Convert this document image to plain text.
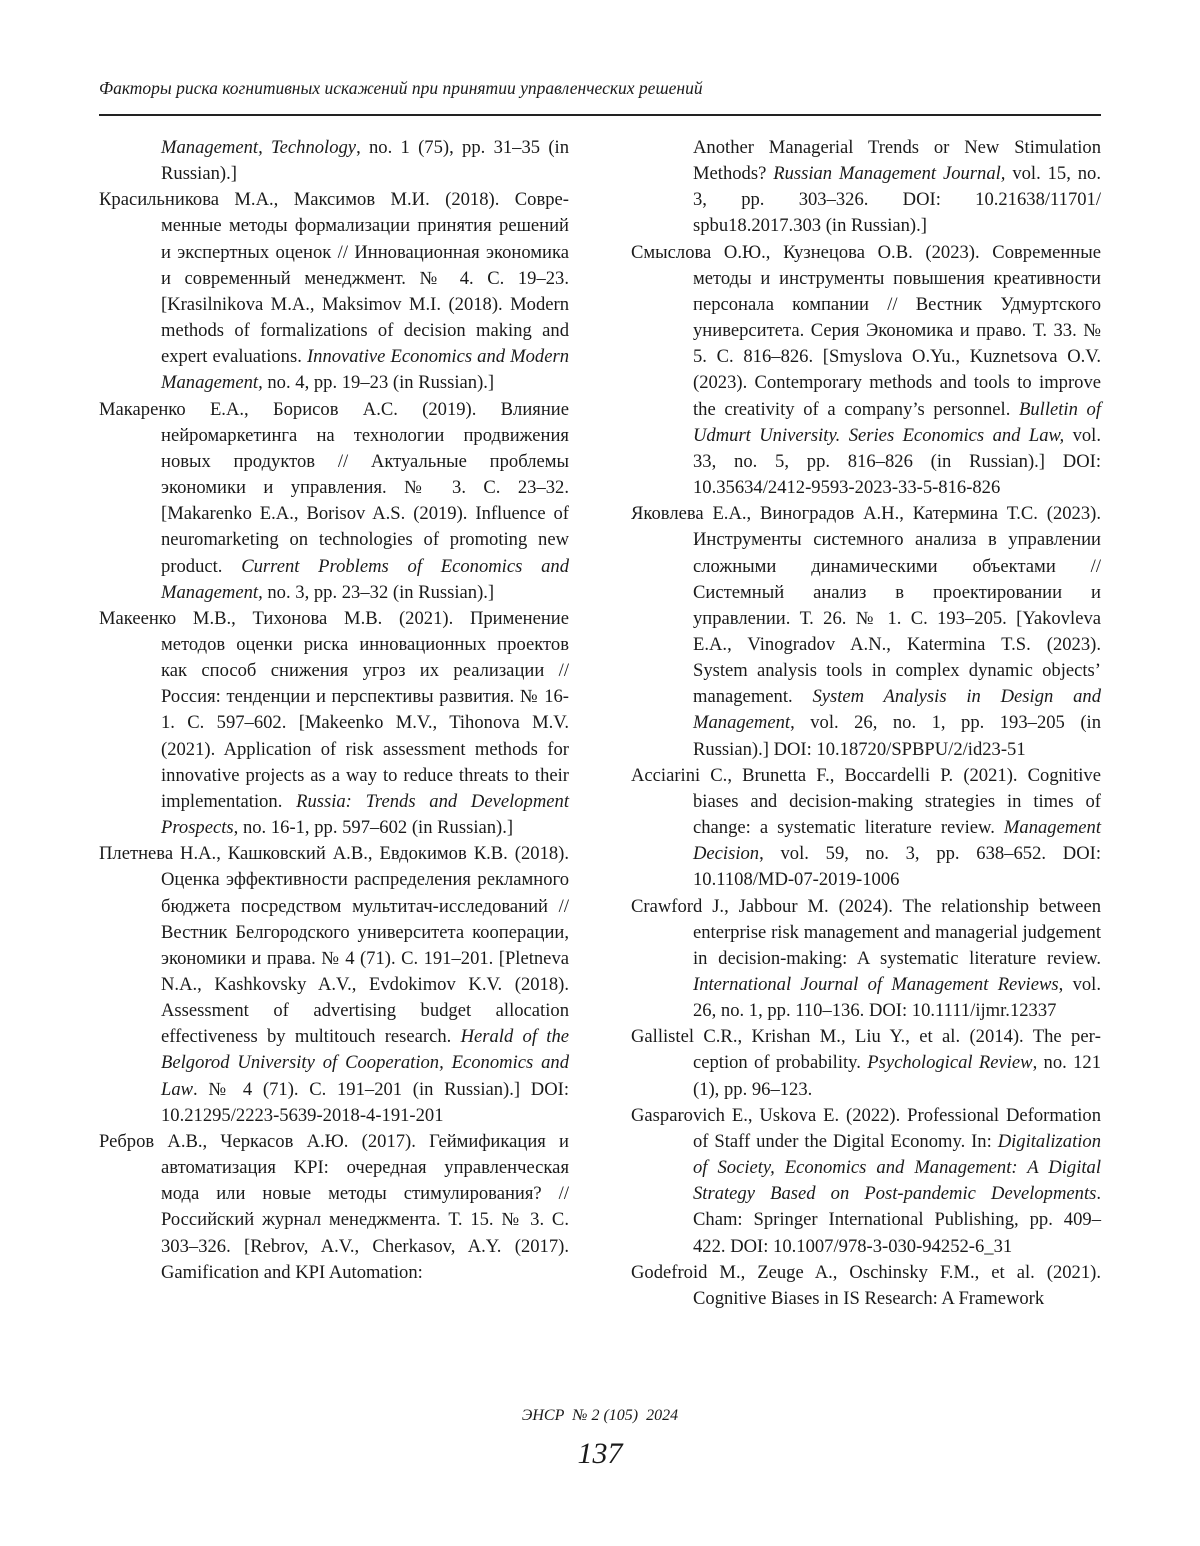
Факторы риска когнитивных искажений при принятии управленческих решений

Management, Technology, no. 1 (75), pp. 31–35 (in Russian).]

Красильникова М.А., Максимов М.И. (2018). Совре­менные методы формализации принятия ре­шений и экспертных оценок // Инновационная экономика и современный менеджмент. № 4. С. 19–23. [Krasilnikova M.A., Maksimov M.I. (2018). Modern methods of formalizations of de­cision making and expert evaluations. Innovative Economics and Modern Management, no. 4, pp. 19–23 (in Russian).]

Макаренко Е.А., Борисов А.С. (2019). Влияние нейромаркетинга на технологии продвиже­ния новых продуктов // Актуальные пробле­мы экономики и управления. № 3. С. 23–32. [Makarenko E.A., Borisov A.S. (2019). Influence of neuromarketing on technologies of promoting new product. Current Problems of Economics and Management, no. 3, pp. 23–32 (in Russian).]

Макеенко М.В., Тихонова М.В. (2021). Примене­ние методов оценки риска инновационных проектов как способ снижения угроз их ре­ализации // Россия: тенденции и перспекти­вы развития. № 16-1. С. 597–602. [Makeen­ko M.V., Tihonova M.V. (2021). Application of risk assessment methods for innovative projects as a way to reduce threats to their implementa­tion. Russia: Trends and Development Prospects, no. 16-1, pp. 597–602 (in Russian).]

Плетнева Н.А., Кашковский А.В., Евдокимов К.В. (2018). Оценка эффективности распределения рекламного бюджета посредством мульти­тач-исследований // Вестник Белгородского университета кооперации, экономики и права. № 4 (71). С. 191–201. [Pletneva N.A., Kashk­ovsky A.V., Evdokimov K.V. (2018). Assessment of advertising budget allocation effectiveness by multitouch research. Herald of the Belgo­rod University of Cooperation, Economics and Law. № 4 (71). С. 191–201 (in Russian).] DOI: 10.21295/2223-5639-2018-4-191-201

Ребров А.В., Черкасов А.Ю. (2017). Геймификация и автоматизация KPI: очередная управлен­ческая мода или новые методы стимулиро­вания? // Российский журнал менеджмента. Т. 15. № 3. С. 303–326. [Rebrov, A.V., Cherkasov, A.Y. (2017). Gamification and KPI Automation:

Another Managerial Trends or New Stimulation Methods? Russian Management Journal, vol. 15, no. 3, pp. 303–326. DOI: 10.21638/11701/ spbu18.2017.303 (in Russian).]

Смыслова О.Ю., Кузнецова О.В. (2023). Совре­менные методы и инструменты повыше­ния креативности персонала компании // Вестник Удмуртского университета. Серия Экономика и право. Т. 33. № 5. С. 816–826. [Smyslova O.Yu., Kuznetsova O.V. (2023). Con­temporary methods and tools to improve the creativity of a company’s personnel. Bulletin of Udmurt University. Series Economics and Law, vol. 33, no. 5, pp. 816–826 (in Russian).] DOI: 10.35634/2412-9593-2023-33-5-816-826

Яковлева Е.А., Виноградов А.Н., Катермина Т.С. (2023). Инструменты системного анализа в управлении сложными динамическими объ­ектами // Системный анализ в проектировании и управлении. Т. 26. № 1. С. 193–205. [Yak­ovleva E.A., Vinogradov A.N., Katermina T.S. (2023). System analysis tools in complex dynamic objects’ management. System Analysis in Design and Management, vol. 26, no. 1, pp. 193–205 (in Russian).] DOI: 10.18720/SPBPU/2/id23-51

Acciarini C., Brunetta F., Boccardelli P. (2021). Cog­nitive biases and decision-making strategies in times of change: a systematic literature review. Management Decision, vol. 59, no. 3, pp. 638–652. DOI: 10.1108/MD-07-2019-1006

Crawford J., Jabbour M. (2024). The relationship be­tween enterprise risk management and manage­rial judgement in decision-making: A systematic literature review. International Journal of Man­agement Reviews, vol. 26, no. 1, pp. 110–136. DOI: 10.1111/ijmr.12337

Gallistel C.R., Krishan M., Liu Y., et al. (2014). The per­ception of probability. Psychological Review, no. 121 (1), pp. 96–123.

Gasparovich E., Uskova E. (2022). Professional Deforma­tion of Staff under the Digital Economy. In: Digi­talization of Society, Economics and Management: A Digital Strategy Based on Post-pandemic Devel­opments. Cham: Springer International Publishing, pp. 409–422. DOI: 10.1007/978-3-030-94252-6_31

Godefroid M., Zeuge A., Oschinsky F.M., et al. (2021). Cognitive Biases in IS Research: A Framework

ЭНСР  № 2 (105)  2024
137
